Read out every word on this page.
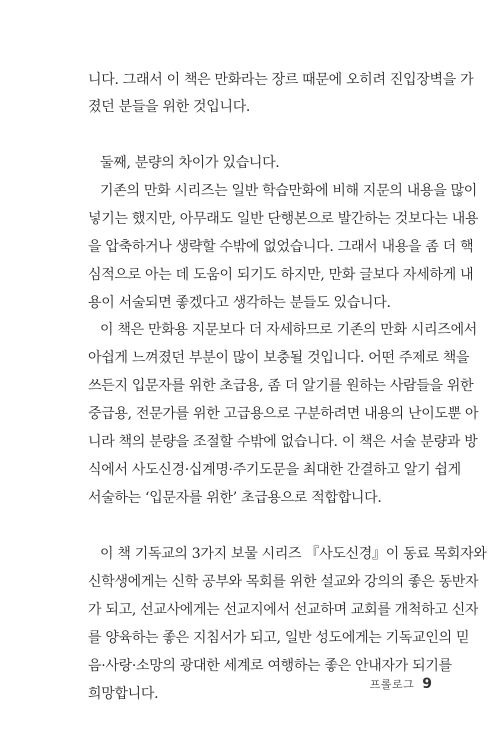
니다. 그래서 이 책은 만화라는 장르 때문에 오히려 진입장벽을 가
졌던 분들을 위한 것입니다.
둘째, 분량의 차이가 있습니다.
기존의 만화 시리즈는 일반 학습만화에 비해 지문의 내용을 많이
넣기는 했지만, 아무래도 일반 단행본으로 발간하는 것보다는 내용
을 압축하거나 생략할 수밖에 없었습니다. 그래서 내용을 좀 더 핵
심적으로 아는 데 도움이 되기도 하지만, 만화 글보다 자세하게 내
용이 서술되면 좋겠다고 생각하는 분들도 있습니다.
이 책은 만화용 지문보다 더 자세하므로 기존의 만화 시리즈에서
아쉽게 느껴졌던 부분이 많이 보충될 것입니다. 어떤 주제로 책을
쓰든지 입문자를 위한 초급용, 좀 더 알기를 원하는 사람들을 위한
중급용, 전문가를 위한 고급용으로 구분하려면 내용의 난이도뿐 아
니라 책의 분량을 조절할 수밖에 없습니다. 이 책은 서술 분량과 방
식에서 사도신경·십계명·주기도문을 최대한 간결하고 알기 쉽게
서술하는 ‘입문자를 위한’ 초급용으로 적합합니다.
이 책 기독교의 3가지 보물 시리즈 『사도신경』이 동료 목회자와
신학생에게는 신학 공부와 목회를 위한 설교와 강의의 좋은 동반자
가 되고, 선교사에게는 선교지에서 선교하며 교회를 개척하고 신자
를 양육하는 좋은 지침서가 되고, 일반 성도에게는 기독교인의 믿
음·사랑·소망의 광대한 세계로 여행하는 좋은 안내자가 되기를
희망합니다.
프롤로그 9
